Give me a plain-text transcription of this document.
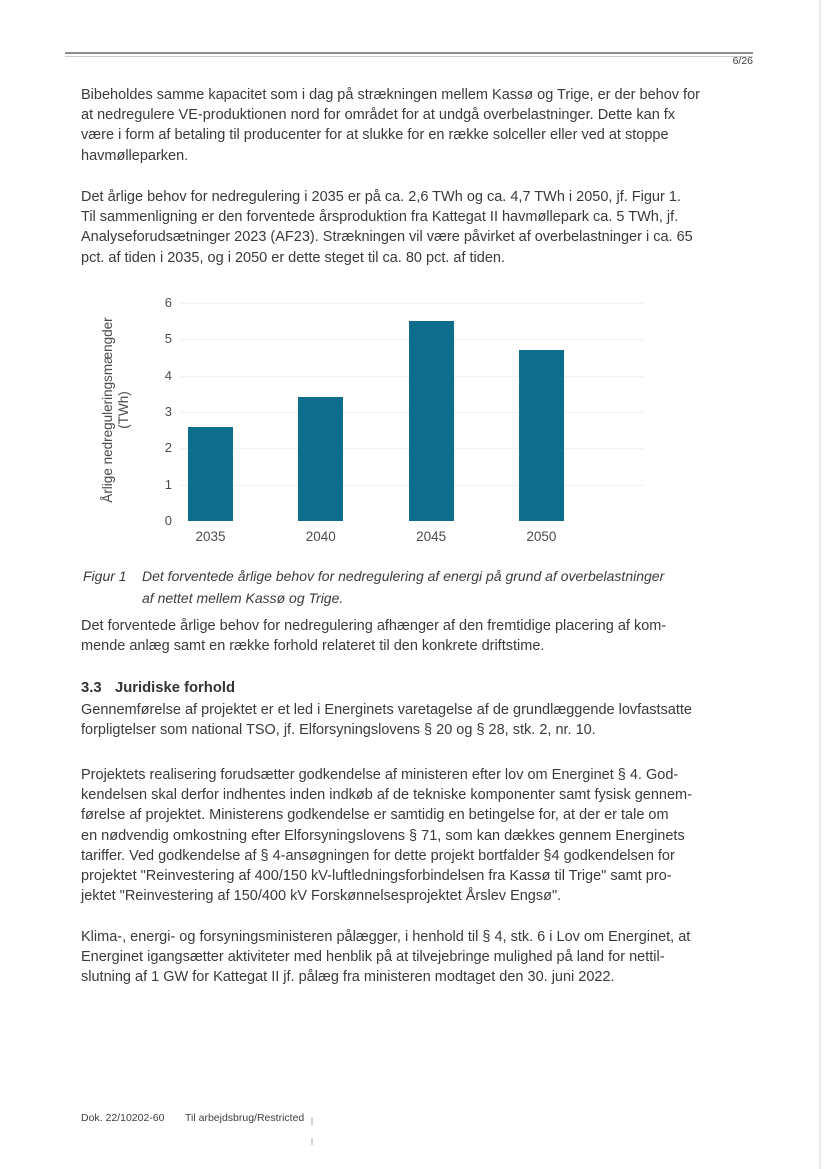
6/26
Bibeholdes samme kapacitet som i dag på strækningen mellem Kassø og Trige, er der behov for
at nedregulere VE-produktionen nord for området for at undgå overbelastninger. Dette kan fx
være i form af betaling til producenter for at slukke for en række solceller eller ved at stoppe
havmølleparken.
Det årlige behov for nedregulering i 2035 er på ca. 2,6 TWh og ca. 4,7 TWh i 2050, jf. Figur 1.
Til sammenligning er den forventede årsproduktion fra Kattegat II havmøllepark ca. 5 TWh, jf.
Analyseforudsætninger 2023 (AF23). Strækningen vil være påvirket af overbelastninger i ca. 65
pct. af tiden i 2035, og i 2050 er dette steget til ca. 80 pct. af tiden.
Årlige nedreguleringsmængder (TWh)
6
5
4
3
2
1
0
2035	2040	2045	2050
Figur 1	Det forventede årlige behov for nedregulering af energi på grund af overbelastninger
af nettet mellem Kassø og Trige.
Det forventede årlige behov for nedregulering afhænger af den fremtidige placering af kom-
mende anlæg samt en række forhold relateret til den konkrete driftstime.
3.3 Juridiske forhold
Gennemførelse af projektet er et led i Energinets varetagelse af de grundlæggende lovfastsatte
forpligtelser som national TSO, jf. Elforsyningslovens § 20 og § 28, stk. 2, nr. 10.
Projektets realisering forudsætter godkendelse af ministeren efter lov om Energinet § 4. God-
kendelsen skal derfor indhentes inden indkøb af de tekniske komponenter samt fysisk gennem-
førelse af projektet. Ministerens godkendelse er samtidig en betingelse for, at der er tale om
en nødvendig omkostning efter Elforsyningslovens § 71, som kan dækkes gennem Energinets
tariffer. Ved godkendelse af § 4-ansøgningen for dette projekt bortfalder §4 godkendelsen for
projektet "Reinvestering af 400/150 kV-luftledningsforbindelsen fra Kassø til Trige" samt pro-
jektet "Reinvestering af 150/400 kV Forskønnelsesprojektet Årslev Engsø".
Klima-, energi- og forsyningsministeren pålægger, i henhold til § 4, stk. 6 i Lov om Energinet, at
Energinet igangsætter aktiviteter med henblik på at tilvejebringe mulighed på land for nettil-
slutning af 1 GW for Kattegat II jf. pålæg fra ministeren modtaget den 30. juni 2022.
Dok. 22/10202-60 Til arbejdsbrug/Restricted
